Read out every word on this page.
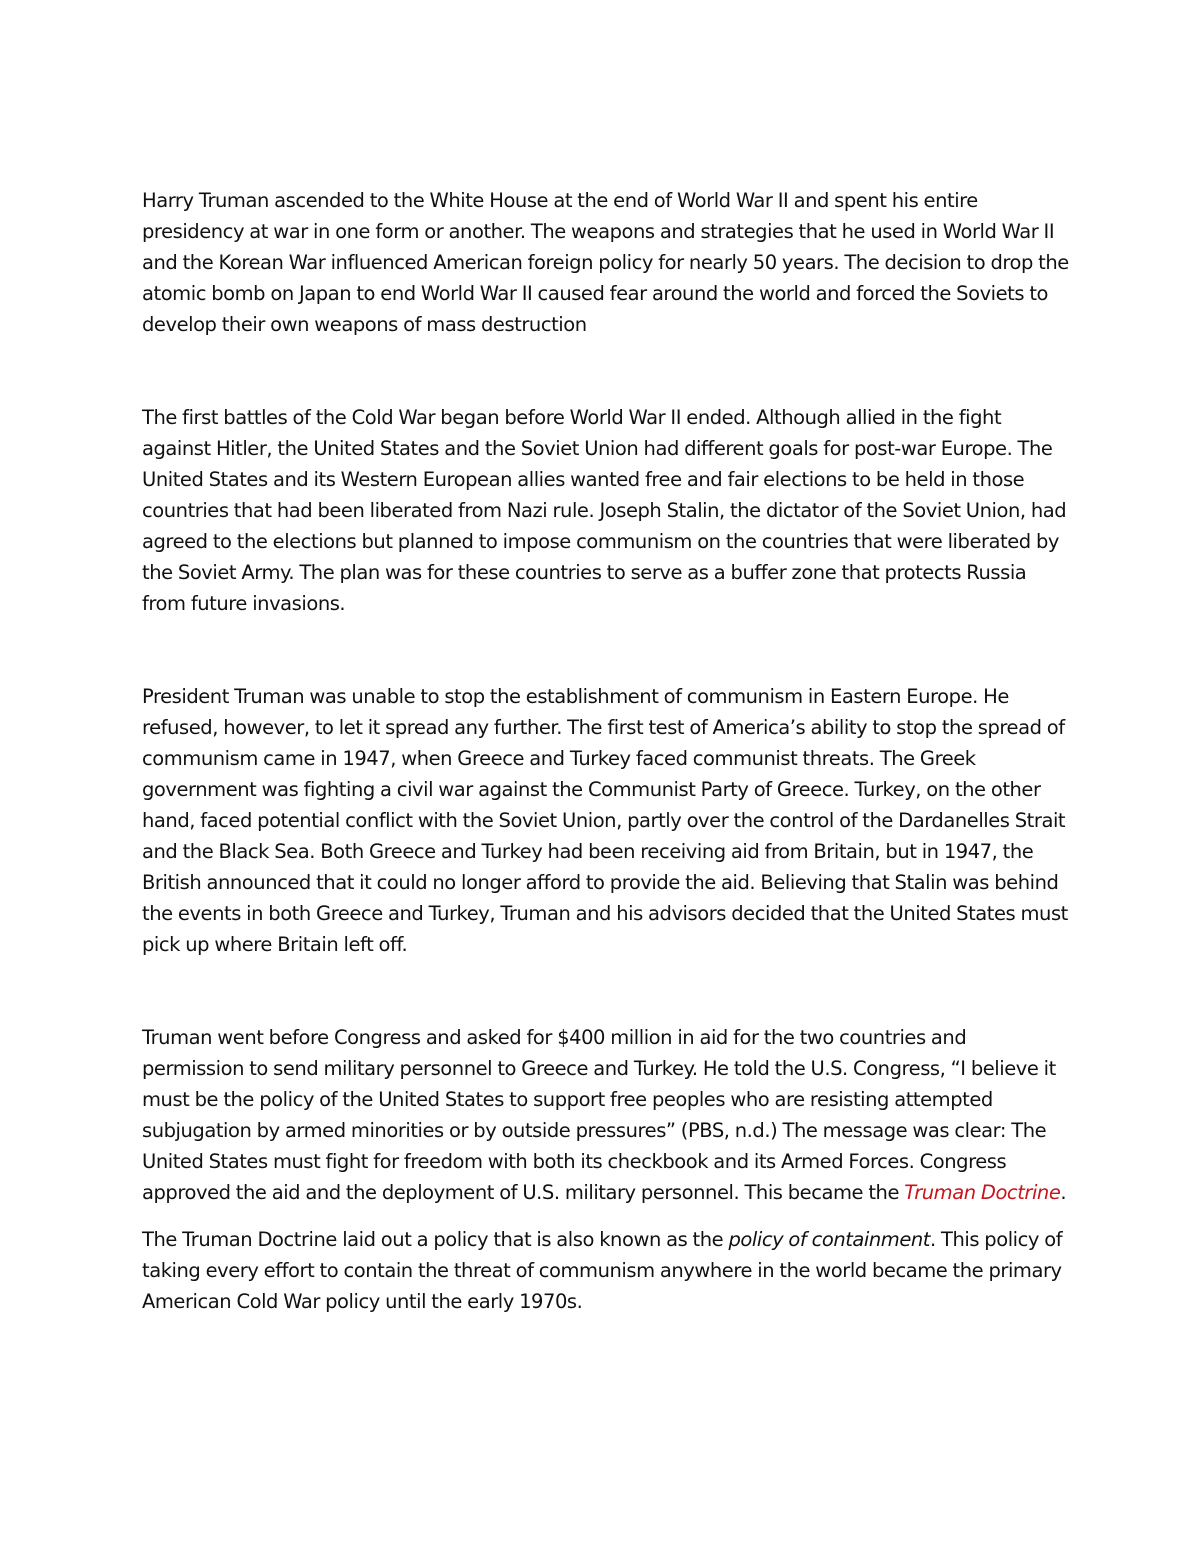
Harry Truman ascended to the White House at the end of World War II and spent his entire presidency at war in one form or another. The weapons and strategies that he used in World War II and the Korean War influenced American foreign policy for nearly 50 years. The decision to drop the atomic bomb on Japan to end World War II caused fear around the world and forced the Soviets to develop their own weapons of mass destruction

The first battles of the Cold War began before World War II ended. Although allied in the fight against Hitler, the United States and the Soviet Union had different goals for post-war Europe. The United States and its Western European allies wanted free and fair elections to be held in those countries that had been liberated from Nazi rule. Joseph Stalin, the dictator of the Soviet Union, had agreed to the elections but planned to impose communism on the countries that were liberated by the Soviet Army. The plan was for these countries to serve as a buffer zone that protects Russia from future invasions.

President Truman was unable to stop the establishment of communism in Eastern Europe. He refused, however, to let it spread any further. The first test of America’s ability to stop the spread of communism came in 1947, when Greece and Turkey faced communist threats. The Greek government was fighting a civil war against the Communist Party of Greece. Turkey, on the other hand, faced potential conflict with the Soviet Union, partly over the control of the Dardanelles Strait and the Black Sea. Both Greece and Turkey had been receiving aid from Britain, but in 1947, the British announced that it could no longer afford to provide the aid. Believing that Stalin was behind the events in both Greece and Turkey, Truman and his advisors decided that the United States must pick up where Britain left off.

Truman went before Congress and asked for $400 million in aid for the two countries and permission to send military personnel to Greece and Turkey. He told the U.S. Congress, “I believe it must be the policy of the United States to support free peoples who are resisting attempted subjugation by armed minorities or by outside pressures” (PBS, n.d.) The message was clear: The United States must fight for freedom with both its checkbook and its Armed Forces. Congress approved the aid and the deployment of U.S. military personnel. This became the Truman Doctrine.

The Truman Doctrine laid out a policy that is also known as the policy of containment. This policy of taking every effort to contain the threat of communism anywhere in the world became the primary American Cold War policy until the early 1970s.
